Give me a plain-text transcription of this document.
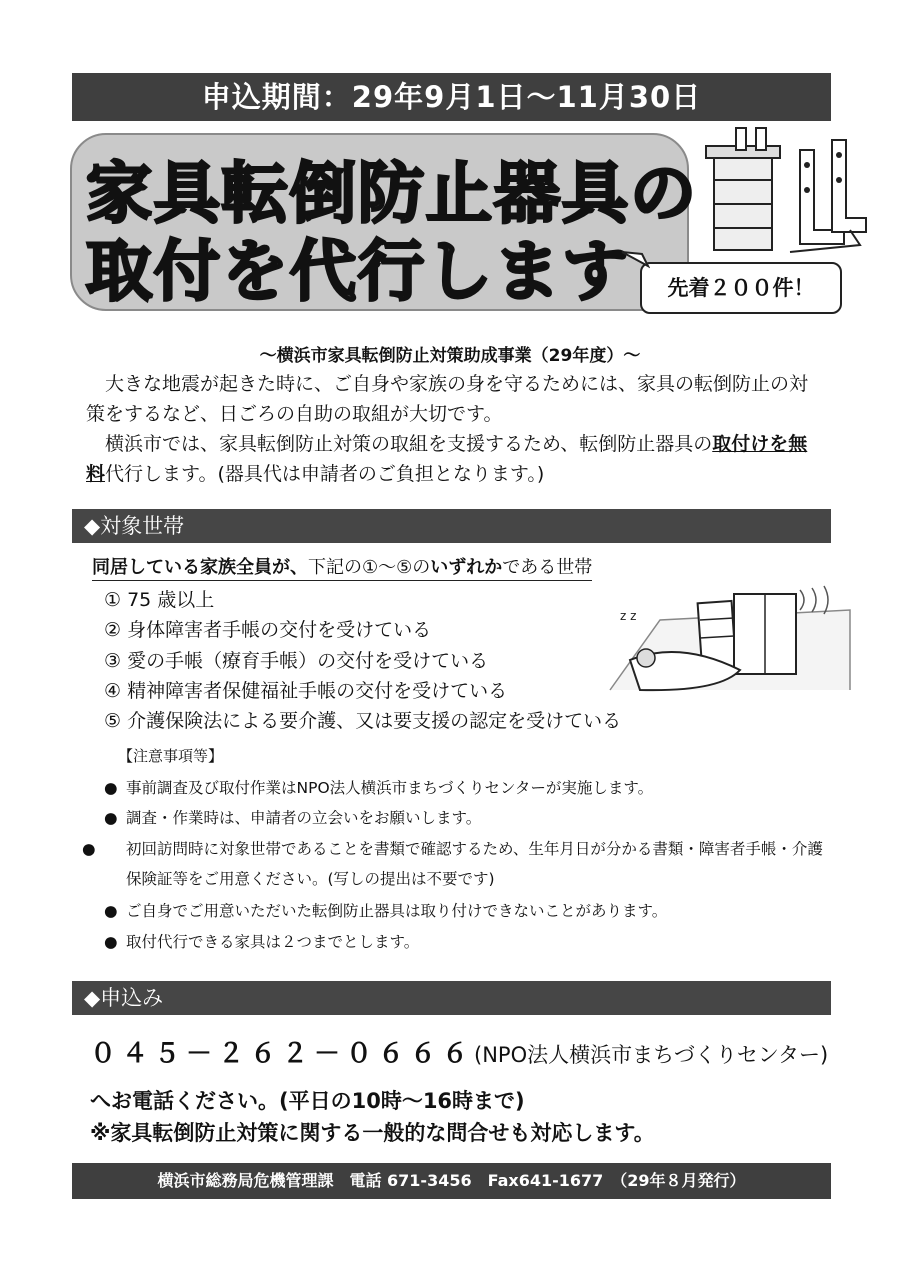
申込期間：29年9月1日～11月30日
家具転倒防止器具の
取付を代行します	先着２００件！
～横浜市家具転倒防止対策助成事業（29年度）～
大きな地震が起きた時に、ご自身や家族の身を守るためには、家具の転倒防止の対策をするなど、日ごろの自助の取組が大切です。
横浜市では、家具転倒防止対策の取組を支援するため、転倒防止器具の取付けを無料代行します。(器具代は申請者のご負担となります。)
◆対象世帯
同居している家族全員が、下記の①～⑤のいずれかである世帯
① 75 歳以上
② 身体障害者手帳の交付を受けている
③ 愛の手帳（療育手帳）の交付を受けている
④ 精神障害者保健福祉手帳の交付を受けている
⑤ 介護保険法による要介護、又は要支援の認定を受けている
z z
【注意事項等】
● 事前調査及び取付作業はNPO法人横浜市まちづくりセンターが実施します。
● 調査・作業時は、申請者の立会いをお願いします。
● 初回訪問時に対象世帯であることを書類で確認するため、生年月日が分かる書類・障害者手帳・介護保険証等をご用意ください。(写しの提出は不要です)
● ご自身でご用意いただいた転倒防止器具は取り付けできないことがあります。
● 取付代行できる家具は２つまでとします。
◆申込み
０４５－２６２－０６６６(NPO法人横浜市まちづくりセンター)
へお電話ください。(平日の10時～16時まで)
※家具転倒防止対策に関する一般的な問合せも対応します。
横浜市総務局危機管理課　電話 671-3456　Fax641-1677　（29年８月発行）
